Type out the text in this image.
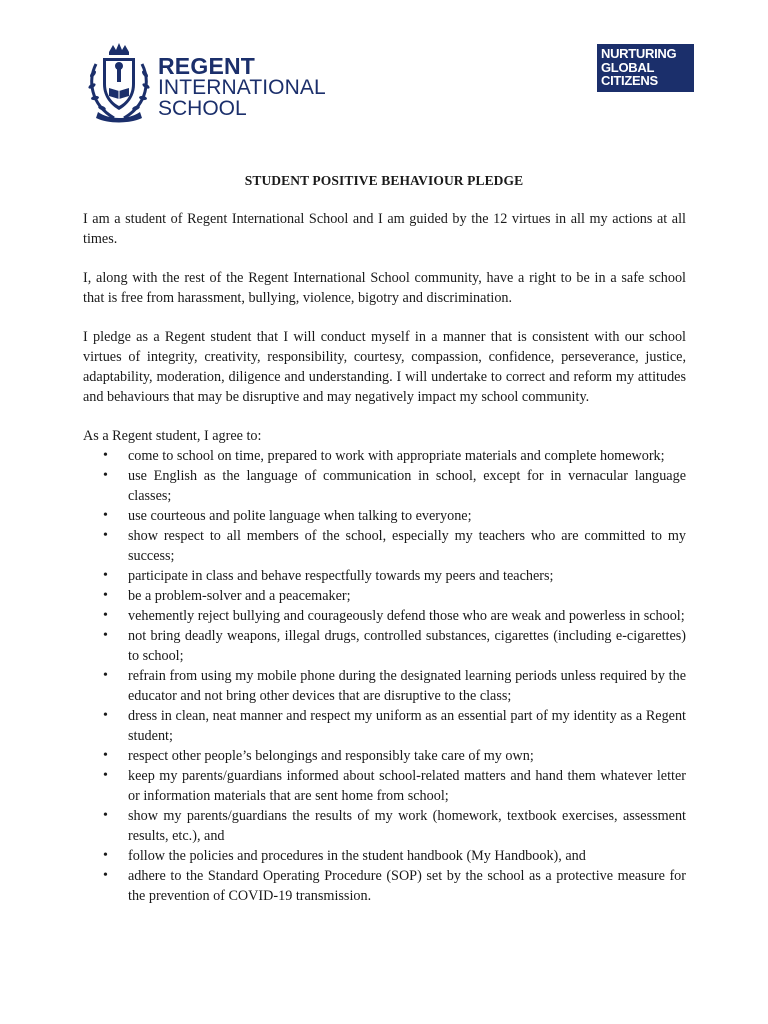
REGENT
INTERNATIONAL
SCHOOL
NURTURING
GLOBAL
CITIZENS
STUDENT POSITIVE BEHAVIOUR PLEDGE

I am a student of Regent International School and I am guided by the 12 virtues in all my actions at all times.

I, along with the rest of the Regent International School community, have a right to be in a safe school that is free from harassment, bullying, violence, bigotry and discrimination.

I pledge as a Regent student that I will conduct myself in a manner that is consistent with our school virtues of integrity, creativity, responsibility, courtesy, compassion, confidence, perseverance, justice, adaptability, moderation, diligence and understanding. I will undertake to correct and reform my attitudes and behaviours that may be disruptive and may negatively impact my school community.

As a Regent student, I agree to:

• come to school on time, prepared to work with appropriate materials and complete homework;
• use English as the language of communication in school, except for in vernacular language classes;
• use courteous and polite language when talking to everyone;
• show respect to all members of the school, especially my teachers who are committed to my success;
• participate in class and behave respectfully towards my peers and teachers;
• be a problem-solver and a peacemaker;
• vehemently reject bullying and courageously defend those who are weak and powerless in school;
• not bring deadly weapons, illegal drugs, controlled substances, cigarettes (including e-cigarettes) to school;
• refrain from using my mobile phone during the designated learning periods unless required by the educator and not bring other devices that are disruptive to the class;
• dress in clean, neat manner and respect my uniform as an essential part of my identity as a Regent student;
• respect other people’s belongings and responsibly take care of my own;
• keep my parents/guardians informed about school-related matters and hand them whatever letter or information materials that are sent home from school;
• show my parents/guardians the results of my work (homework, textbook exercises, assessment results, etc.), and
• follow the policies and procedures in the student handbook (My Handbook), and
• adhere to the Standard Operating Procedure (SOP) set by the school as a protective measure for the prevention of COVID-19 transmission.
